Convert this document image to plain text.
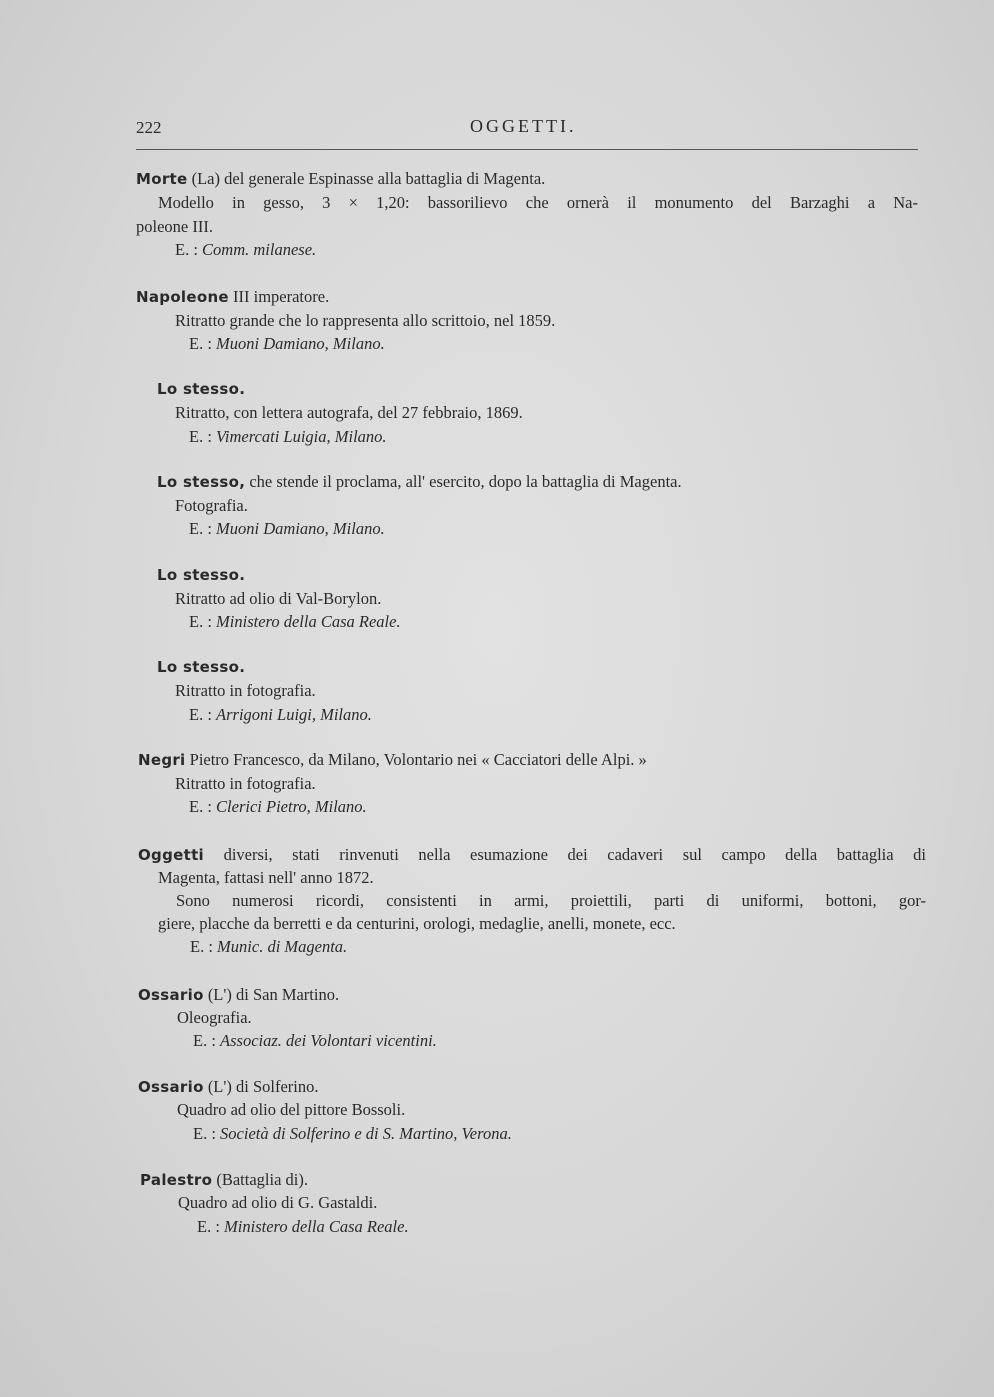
222	OGGETTI.
Morte (La) del generale Espinasse alla battaglia di Magenta.
Modello in gesso, 3 × 1,20: bassorilievo che ornerà il monumento del Barzaghi a Na-
poleone III.
E. : Comm. milanese.
Napoleone III imperatore.
Ritratto grande che lo rappresenta allo scrittoio, nel 1859.
E. : Muoni Damiano, Milano.
Lo stesso.
Ritratto, con lettera autografa, del 27 febbraio, 1869.
E. : Vimercati Luigia, Milano.
Lo stesso, che stende il proclama, all' esercito, dopo la battaglia di Magenta.
Fotografia.
E. : Muoni Damiano, Milano.
Lo stesso.
Ritratto ad olio di Val-Borylon.
E. : Ministero della Casa Reale.
Lo stesso.
Ritratto in fotografia.
E. : Arrigoni Luigi, Milano.
Negri Pietro Francesco, da Milano, Volontario nei « Cacciatori delle Alpi. »
Ritratto in fotografia.
E. : Clerici Pietro, Milano.
Oggetti diversi, stati rinvenuti nella esumazione dei cadaveri sul campo della battaglia di
Magenta, fattasi nell' anno 1872.
Sono numerosi ricordi, consistenti in armi, proiettili, parti di uniformi, bottoni, gor-
giere, placche da berretti e da centurini, orologi, medaglie, anelli, monete, ecc.
E. : Munic. di Magenta.
Ossario (L') di San Martino.
Oleografia.
E. : Associaz. dei Volontari vicentini.
Ossario (L') di Solferino.
Quadro ad olio del pittore Bossoli.
E. : Società di Solferino e di S. Martino, Verona.
Palestro (Battaglia di).
Quadro ad olio di G. Gastaldi.
E. : Ministero della Casa Reale.
